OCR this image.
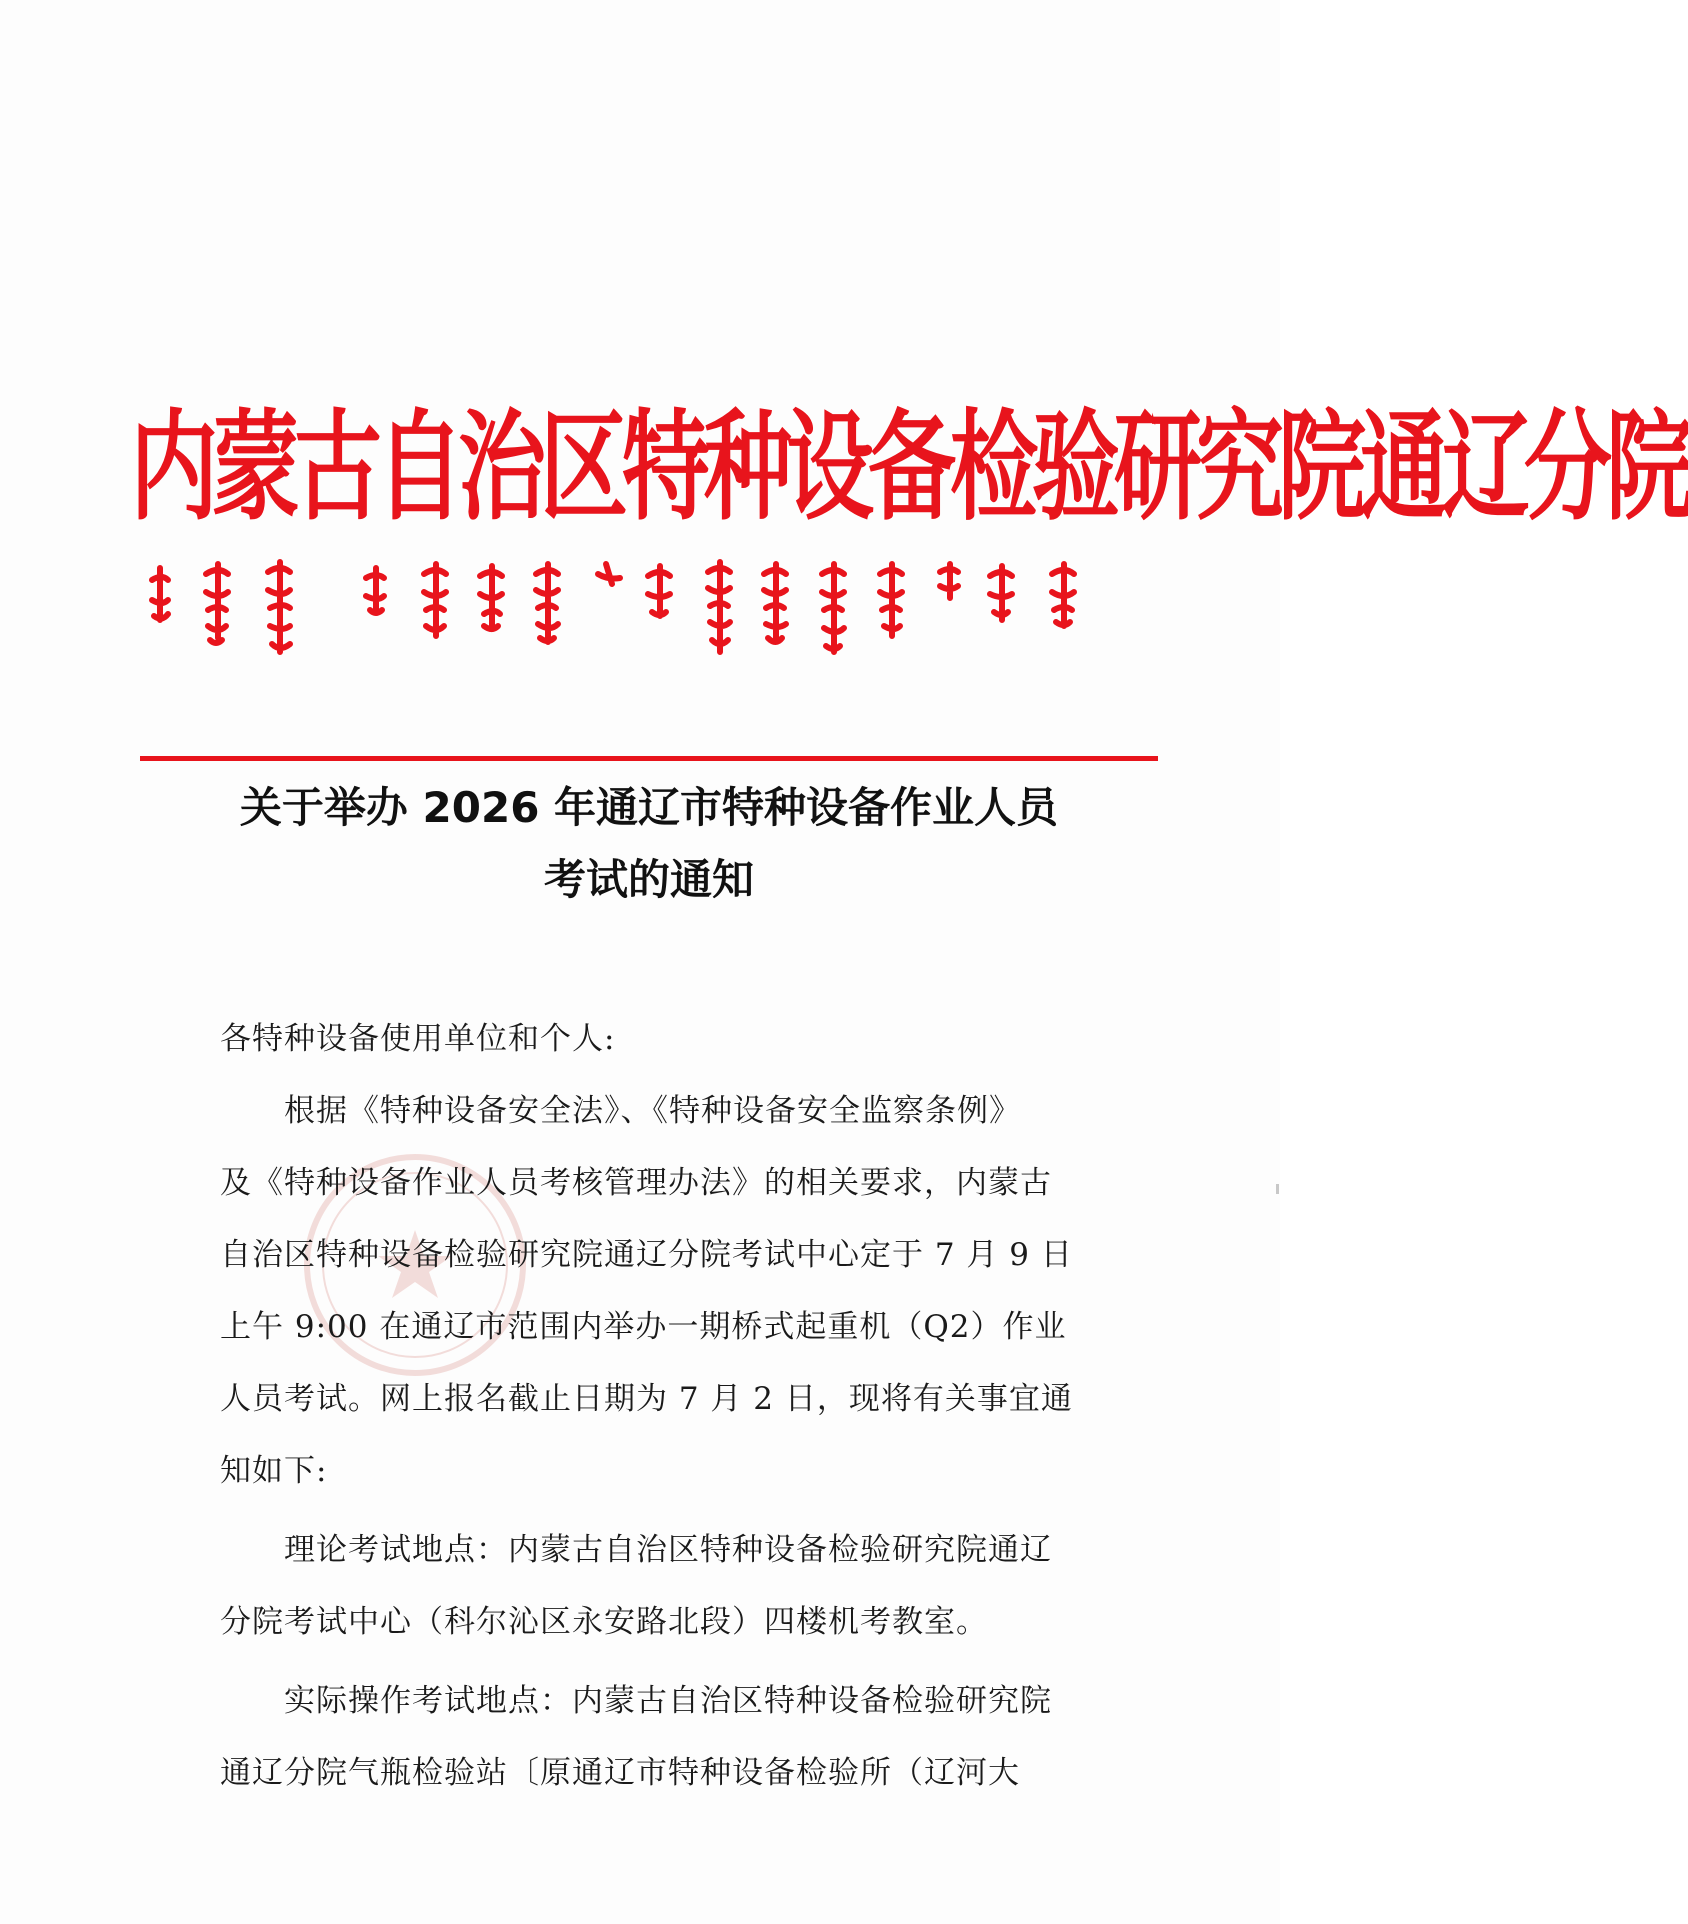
内蒙古自治区特种设备检验研究院通辽分院
关于举办 2026 年通辽市特种设备作业人员
考试的通知
各特种设备使用单位和个人:
　　根据《特种设备安全法》、《特种设备安全监察条例》
及《特种设备作业人员考核管理办法》的相关要求，内蒙古
自治区特种设备检验研究院通辽分院考试中心定于 7 月 9 日
上午 9:00 在通辽市范围内举办一期桥式起重机（Q2）作业
人员考试。网上报名截止日期为 7 月 2 日，现将有关事宜通
知如下:
　　理论考试地点：内蒙古自治区特种设备检验研究院通辽
分院考试中心（科尔沁区永安路北段）四楼机考教室。
　　实际操作考试地点：内蒙古自治区特种设备检验研究院
通辽分院气瓶检验站〔原通辽市特种设备检验所（辽河大
